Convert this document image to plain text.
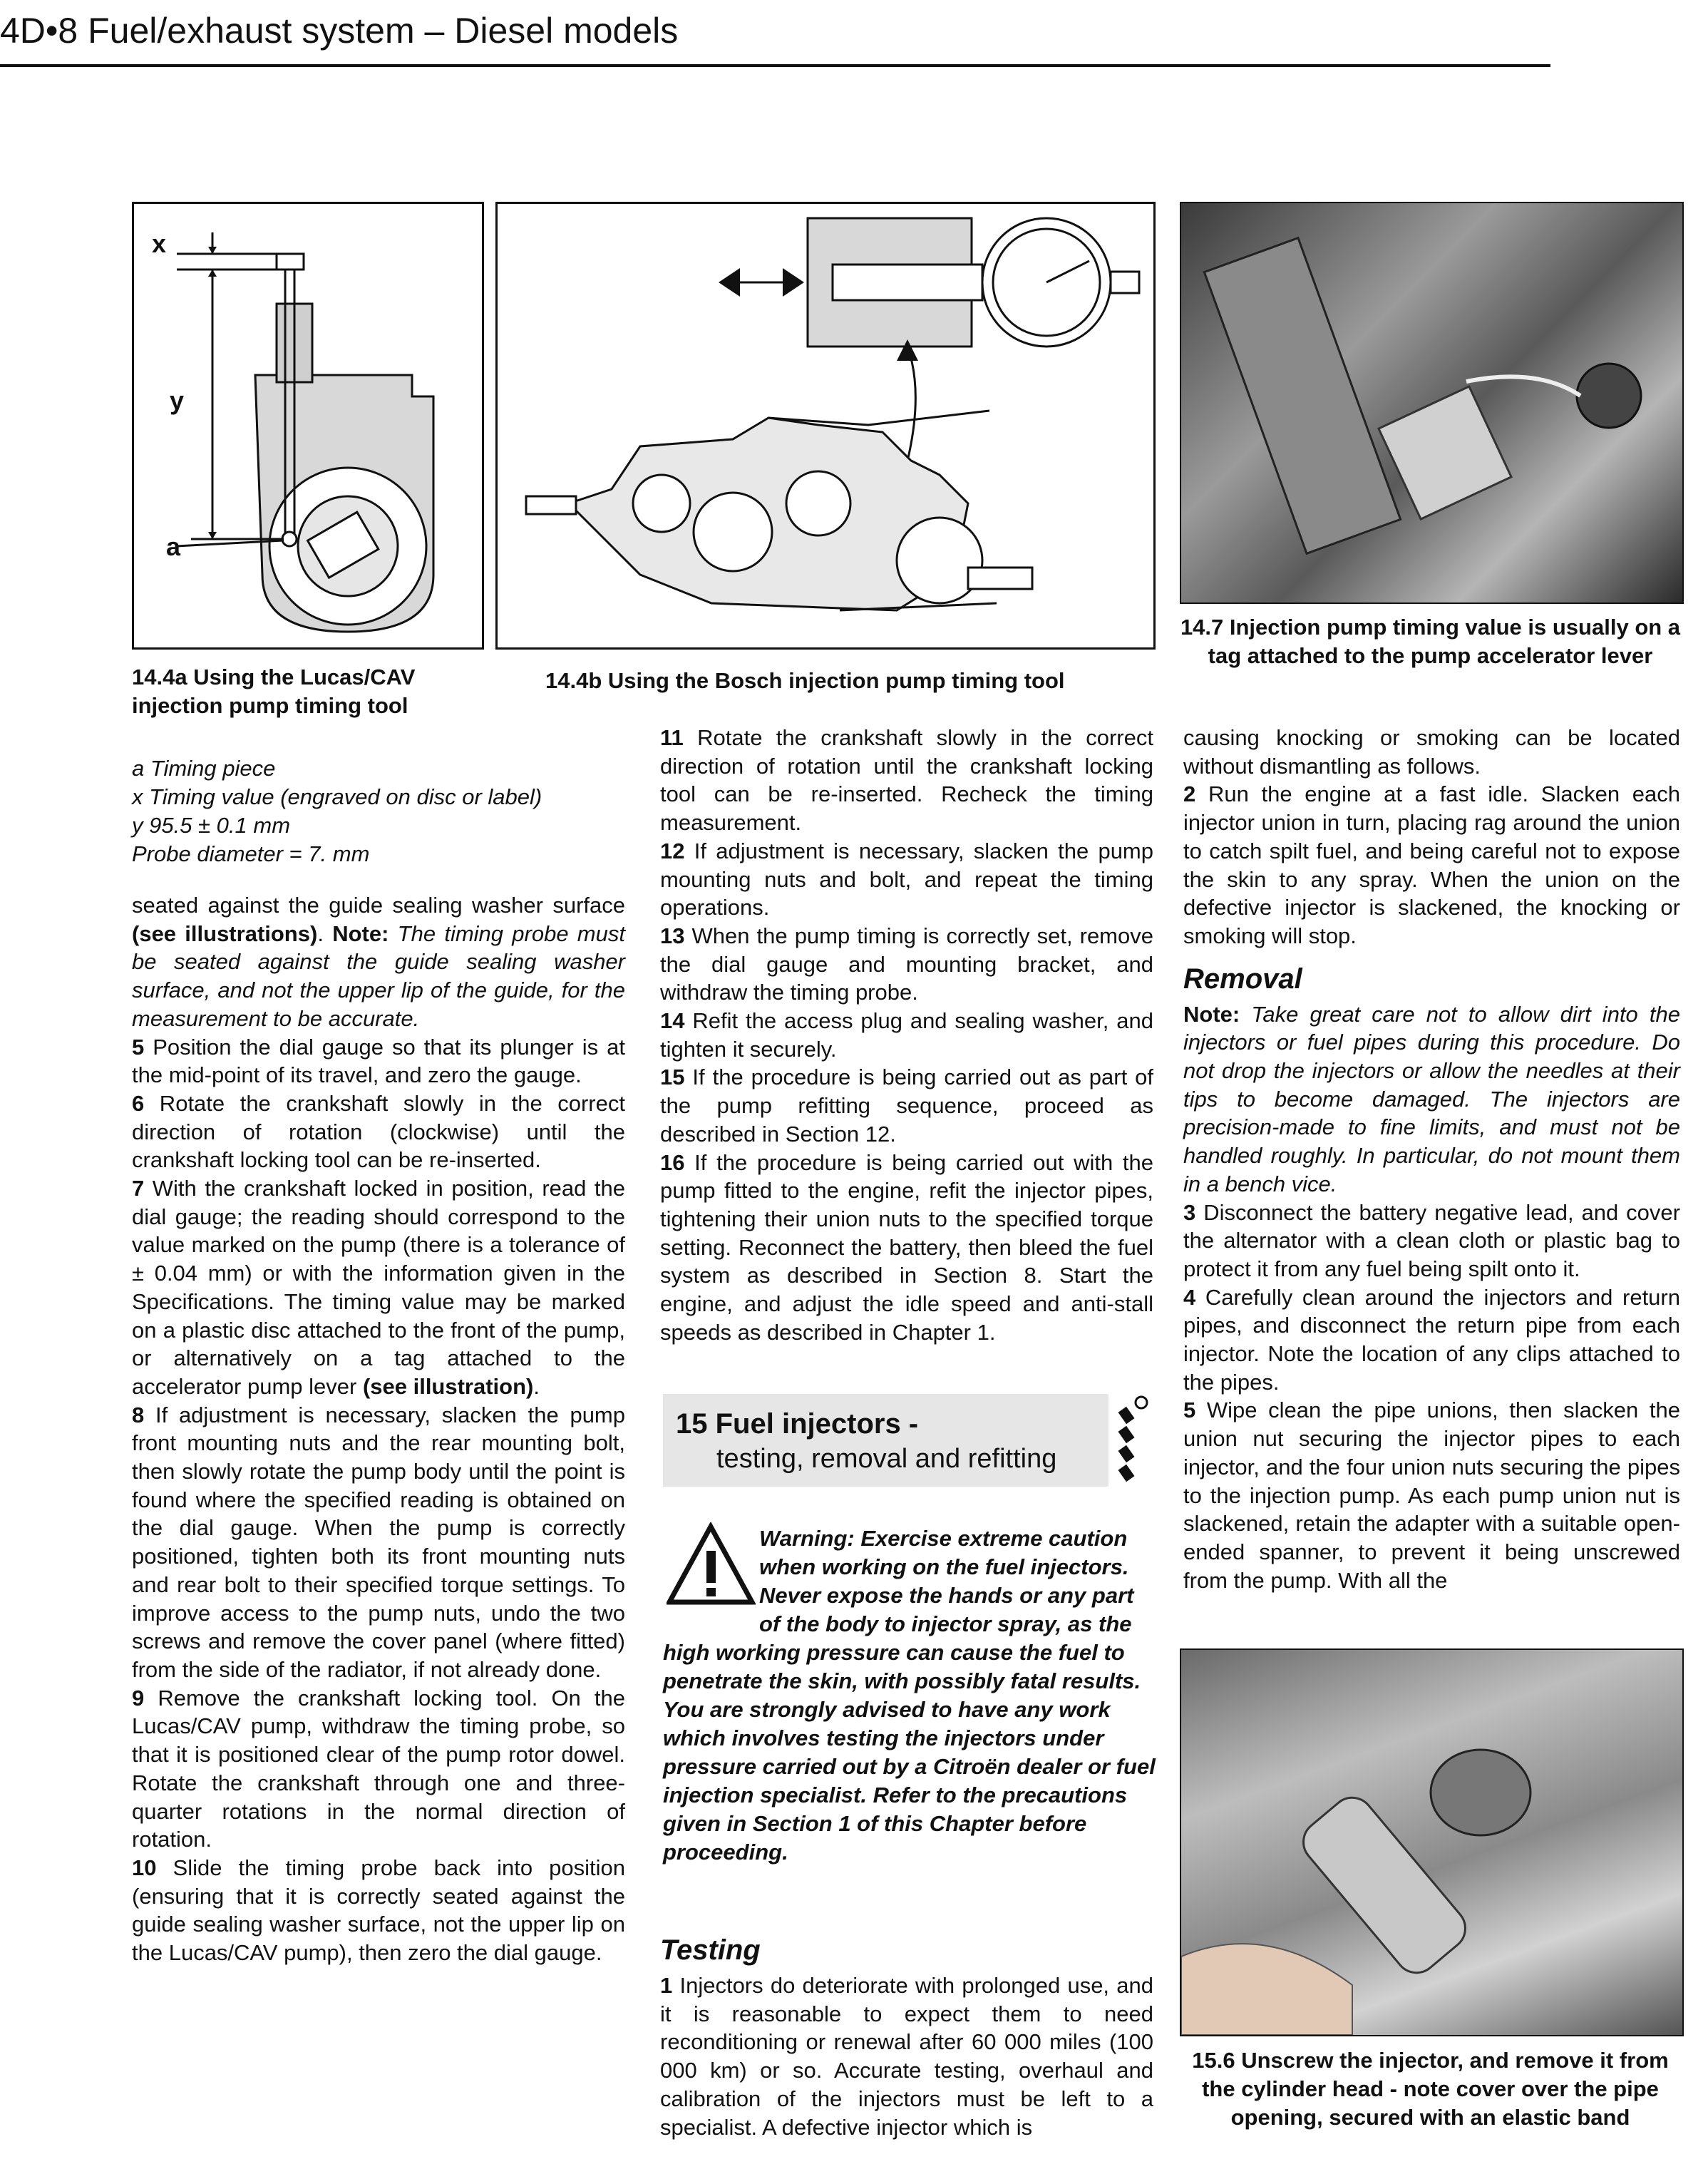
4D•8 Fuel/exhaust system – Diesel models
x
y
a
14.4a Using the Lucas/CAV injection pump timing tool
14.4b Using the Bosch injection pump timing tool
14.7 Injection pump timing value is usually on a tag attached to the pump accelerator lever
a Timing piece
x Timing value (engraved on disc or label)
y 95.5 ± 0.1 mm
Probe diameter = 7. mm

seated against the guide sealing washer surface (see illustrations). Note: The timing probe must be seated against the guide sealing washer surface, and not the upper lip of the guide, for the measurement to be accurate.

5 Position the dial gauge so that its plunger is at the mid-point of its travel, and zero the gauge.

6 Rotate the crankshaft slowly in the correct direction of rotation (clockwise) until the crankshaft locking tool can be re-inserted.

7 With the crankshaft locked in position, read the dial gauge; the reading should correspond to the value marked on the pump (there is a tolerance of ± 0.04 mm) or with the information given in the Specifications. The timing value may be marked on a plastic disc attached to the front of the pump, or alternatively on a tag attached to the accelerator pump lever (see illustration).

8 If adjustment is necessary, slacken the pump front mounting nuts and the rear mounting bolt, then slowly rotate the pump body until the point is found where the specified reading is obtained on the dial gauge. When the pump is correctly positioned, tighten both its front mounting nuts and rear bolt to their specified torque settings. To improve access to the pump nuts, undo the two screws and remove the cover panel (where fitted) from the side of the radiator, if not already done.

9 Remove the crankshaft locking tool. On the Lucas/CAV pump, withdraw the timing probe, so that it is positioned clear of the pump rotor dowel. Rotate the crankshaft through one and three-quarter rotations in the normal direction of rotation.

10 Slide the timing probe back into position (ensuring that it is correctly seated against the guide sealing washer surface, not the upper lip on the Lucas/CAV pump), then zero the dial gauge.

11 Rotate the crankshaft slowly in the correct direction of rotation until the crankshaft locking tool can be re-inserted. Recheck the timing measurement.

12 If adjustment is necessary, slacken the pump mounting nuts and bolt, and repeat the timing operations.

13 When the pump timing is correctly set, remove the dial gauge and mounting bracket, and withdraw the timing probe.

14 Refit the access plug and sealing washer, and tighten it securely.

15 If the procedure is being carried out as part of the pump refitting sequence, proceed as described in Section 12.

16 If the procedure is being carried out with the pump fitted to the engine, refit the injector pipes, tightening their union nuts to the specified torque setting. Reconnect the battery, then bleed the fuel system as described in Section 8. Start the engine, and adjust the idle speed and anti-stall speeds as described in Chapter 1.

15 Fuel injectors -
testing, removal and refitting
Warning: Exercise extreme caution when working on the fuel injectors. Never expose the hands or any part of the body to injector spray, as the high working pressure can cause the fuel to penetrate the skin, with possibly fatal results. You are strongly advised to have any work which involves testing the injectors under pressure carried out by a Citroën dealer or fuel injection specialist. Refer to the precautions given in Section 1 of this Chapter before proceeding.

Testing

1 Injectors do deteriorate with prolonged use, and it is reasonable to expect them to need reconditioning or renewal after 60 000 miles (100 000 km) or so. Accurate testing, overhaul and calibration of the injectors must be left to a specialist. A defective injector which is

causing knocking or smoking can be located without dismantling as follows.

2 Run the engine at a fast idle. Slacken each injector union in turn, placing rag around the union to catch spilt fuel, and being careful not to expose the skin to any spray. When the union on the defective injector is slackened, the knocking or smoking will stop.

Removal

Note: Take great care not to allow dirt into the injectors or fuel pipes during this procedure. Do not drop the injectors or allow the needles at their tips to become damaged. The injectors are precision-made to fine limits, and must not be handled roughly. In particular, do not mount them in a bench vice.

3 Disconnect the battery negative lead, and cover the alternator with a clean cloth or plastic bag to protect it from any fuel being spilt onto it.

4 Carefully clean around the injectors and return pipes, and disconnect the return pipe from each injector. Note the location of any clips attached to the pipes.

5 Wipe clean the pipe unions, then slacken the union nut securing the injector pipes to each injector, and the four union nuts securing the pipes to the injection pump. As each pump union nut is slackened, retain the adapter with a suitable open-ended spanner, to prevent it being unscrewed from the pump. With all the

15.6 Unscrew the injector, and remove it from the cylinder head - note cover over the pipe opening, secured with an elastic band
